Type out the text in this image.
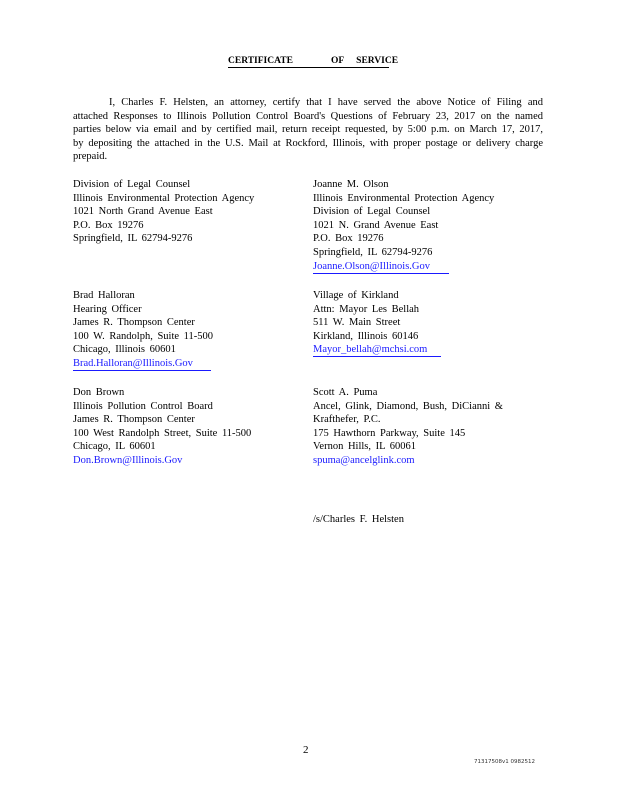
CERTIFICATE	OF SERVICE
I, Charles F. Helsten, an attorney, certify that I have served the above Notice of Filing and attached Responses to Illinois Pollution Control Board's Questions of February 23, 2017 on the named parties below via email and by certified mail, return receipt requested, by 5:00 p.m. on March 17, 2017, by depositing the attached in the U.S. Mail at Rockford, Illinois, with proper postage or delivery charge prepaid.
Division of Legal Counsel
Illinois Environmental Protection Agency
1021 North Grand Avenue East
P.O. Box 19276
Springfield, IL 62794-9276
Joanne M. Olson
Illinois Environmental Protection Agency
Division of Legal Counsel
1021 N. Grand Avenue East
P.O. Box 19276
Springfield, IL 62794-9276
Joanne.Olson@Illinois.Gov
Brad Halloran
Hearing Officer
James R. Thompson Center
100 W. Randolph, Suite 11-500
Chicago, Illinois 60601
Brad.Halloran@Illinois.Gov
Village of Kirkland
Attn: Mayor Les Bellah
511 W. Main Street
Kirkland, Illinois 60146
Mayor_bellah@mchsi.com
Don Brown
Illinois Pollution Control Board
James R. Thompson Center
100 West Randolph Street, Suite 11-500
Chicago, IL 60601
Don.Brown@Illinois.Gov
Scott A. Puma
Ancel, Glink, Diamond, Bush, DiCianni &
Krafthefer, P.C.
175 Hawthorn Parkway, Suite 145
Vernon Hills, IL 60061
spuma@ancelglink.com
/s/Charles F. Helsten
2
71317508v1 0982512
